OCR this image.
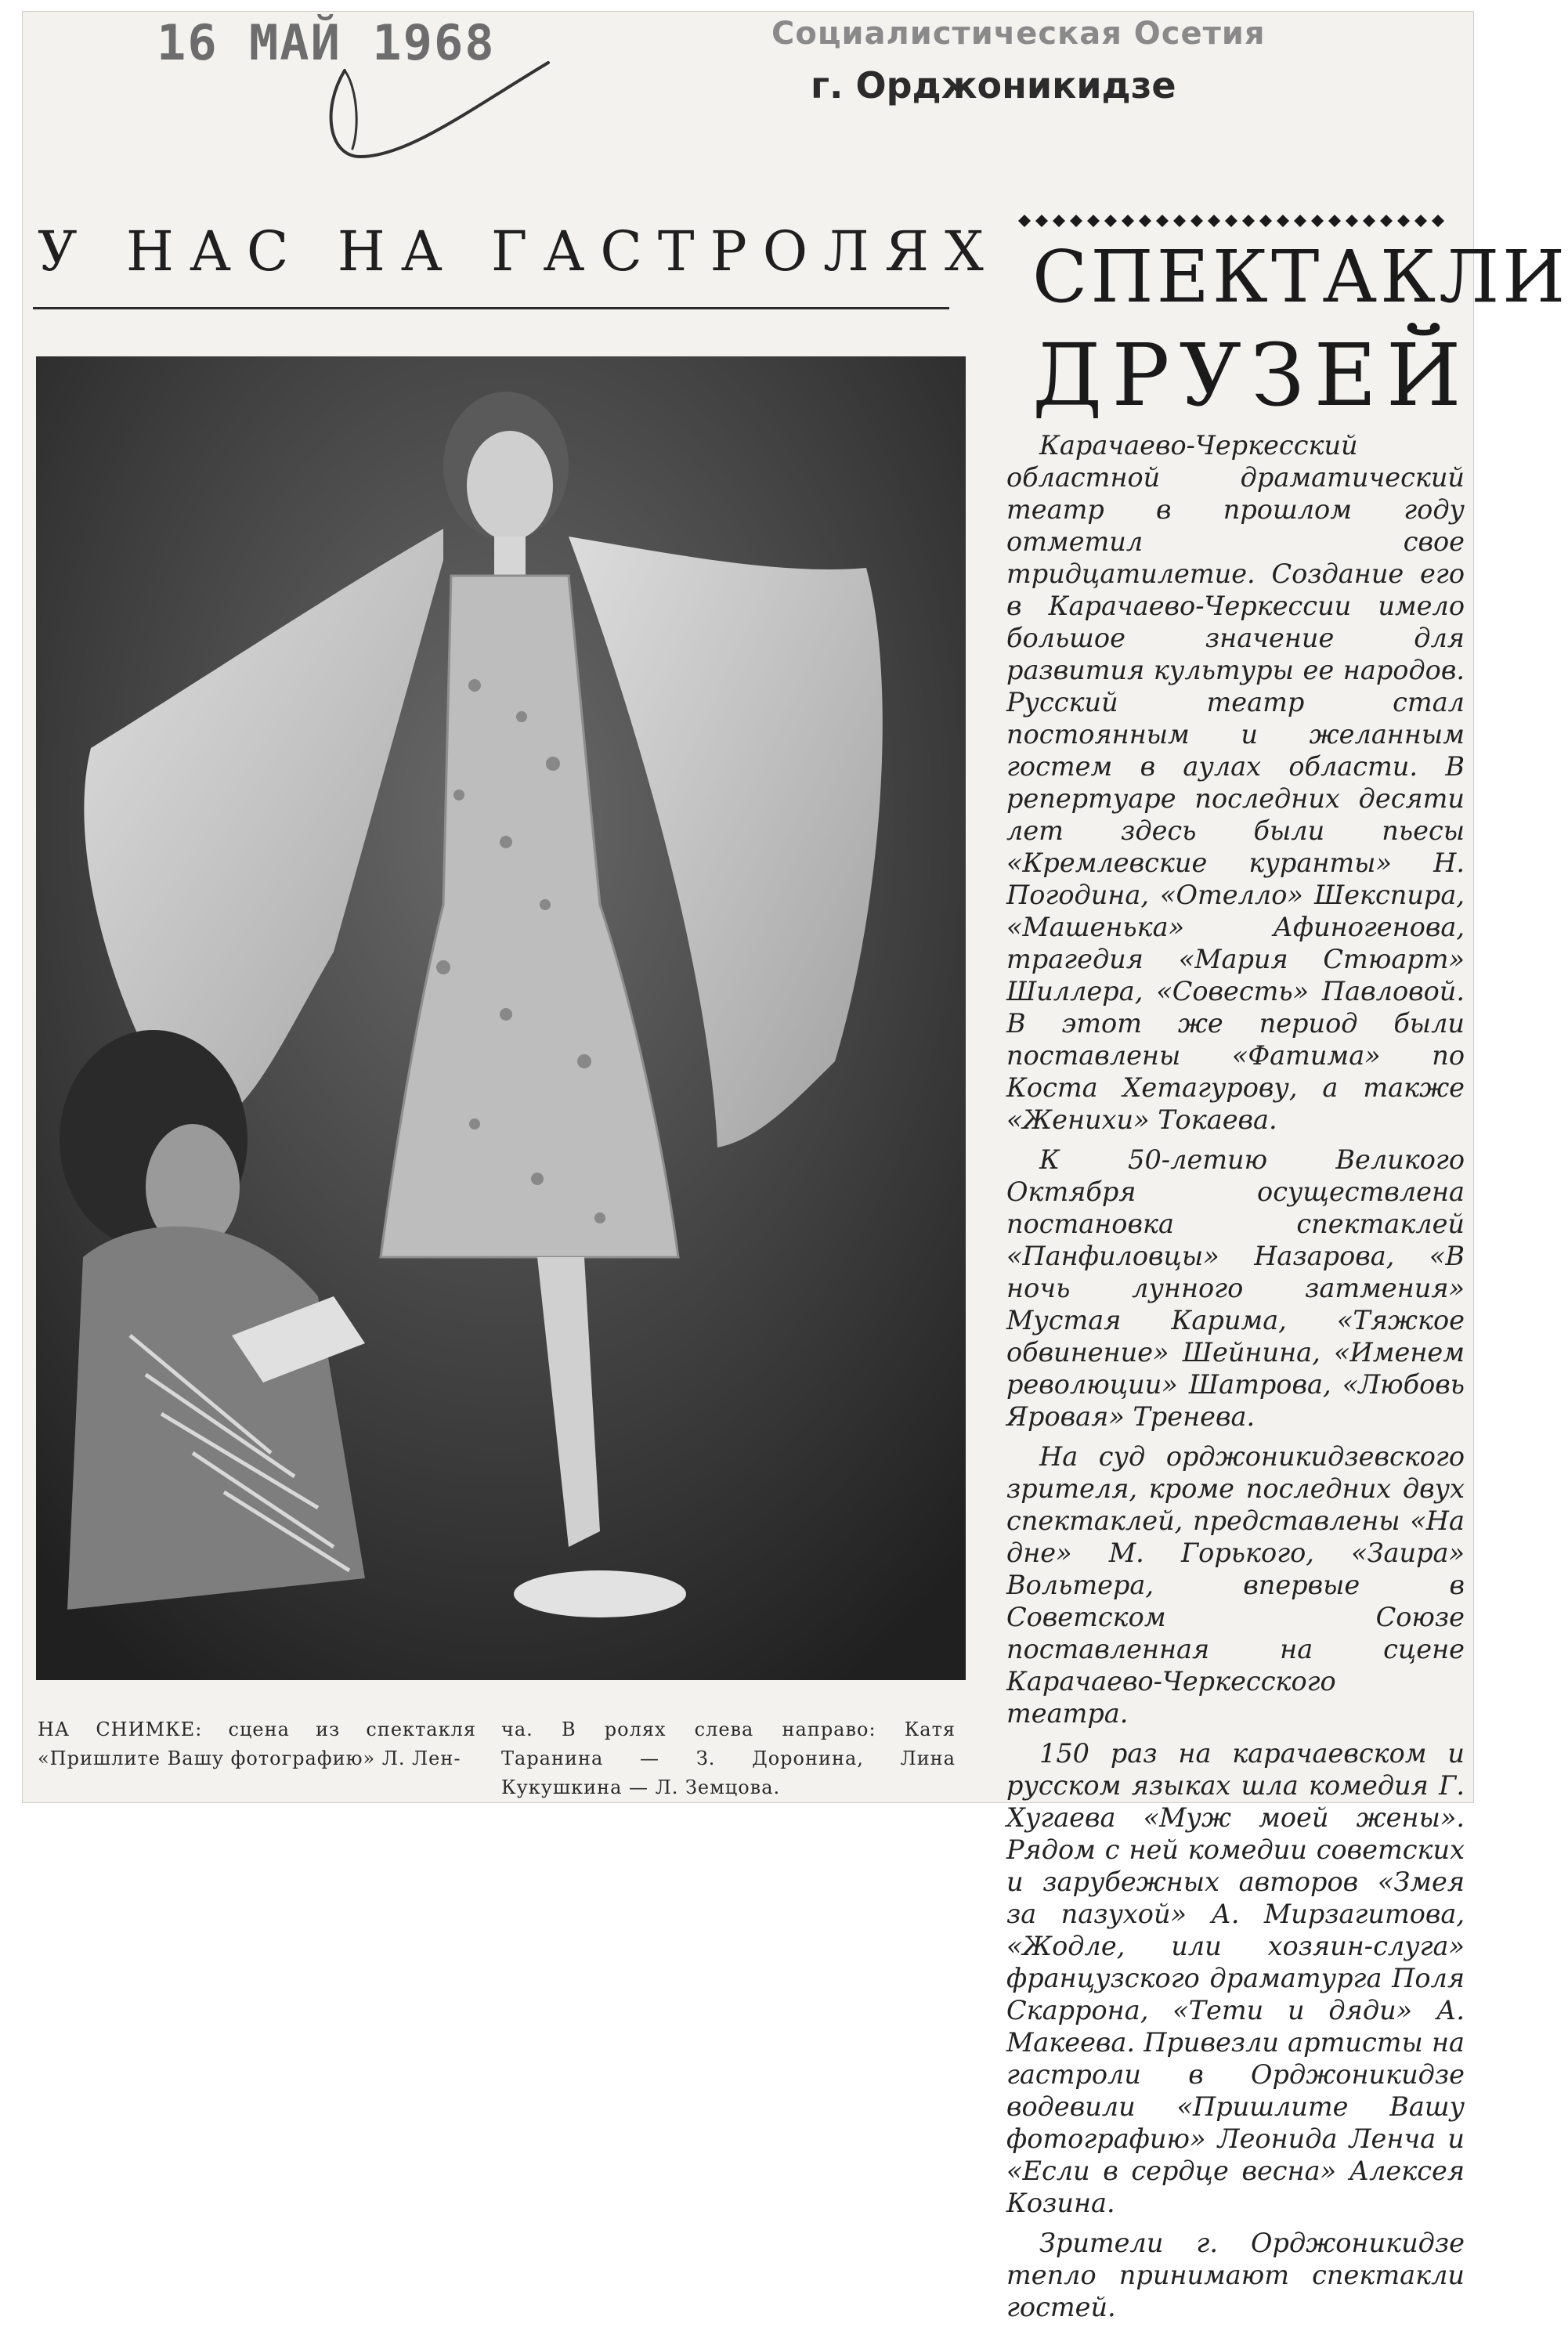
16 МАЙ 1968	Социалистическая Осетия
г. Орджоникидзе
У НАС НА ГАСТРОЛЯХ
НА СНИМКЕ: сцена из спектакля «Пришлите Вашу фотографию» Л. Лен-
ча. В ролях слева направо: Катя Таранина — З. Доронина, Лина Кукушкина — Л. Земцова.
СПЕКТАКЛИ
ДРУЗЕЙ

Карачаево-Черкесский областной драматический театр в прошлом году отметил свое тридцатилетие. Создание его в Карачаево-Черкессии имело большое значение для развития культуры ее народов. Русский театр стал постоянным и желанным гостем в аулах области. В репертуаре последних десяти лет здесь были пьесы «Кремлевские куранты» Н. Погодина, «Отелло» Шекспира, «Машенька» Афиногенова, трагедия «Мария Стюарт» Шиллера, «Совесть» Павловой. В этот же период были поставлены «Фатима» по Коста Хетагурову, а также «Женихи» Токаева.

К 50-летию Великого Октября осуществлена постановка спектаклей «Панфиловцы» Назарова, «В ночь лунного затмения» Мустая Карима, «Тяжкое обвинение» Шейнина, «Именем революции» Шатрова, «Любовь Яровая» Тренева.

На суд орджоникидзевского зрителя, кроме последних двух спектаклей, представлены «На дне» М. Горького, «Заира» Вольтера, впервые в Советском Союзе поставленная на сцене Карачаево-Черкесского театра.

150 раз на карачаевском и русском языках шла комедия Г. Хугаева «Муж моей жены». Рядом с ней комедии советских и зарубежных авторов «Змея за пазухой» А. Мирзагитова, «Жодле, или хозяин-слуга» французского драматурга Поля Скаррона, «Тети и дяди» А. Макеева. Привезли артисты на гастроли в Орджоникидзе водевили «Пришлите Вашу фотографию» Леонида Ленча и «Если в сердце весна» Алексея Козина.

Зрители г. Орджоникидзе тепло принимают спектакли гостей.
